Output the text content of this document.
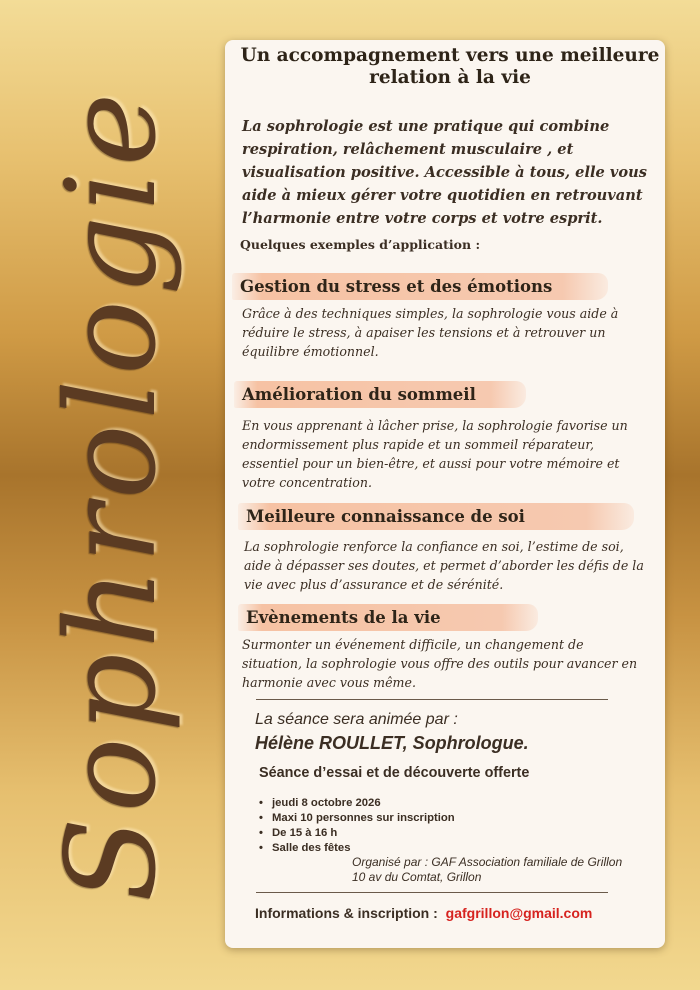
Sophrologie
Un accompagnement vers une meilleure relation à la vie
La sophrologie est une pratique qui combine respiration, relâchement musculaire , et visualisation positive. Accessible à tous, elle vous aide à mieux gérer votre quotidien en retrouvant l’harmonie entre votre corps et votre esprit.
Quelques exemples d’application :
Gestion du stress et des émotions
Grâce à des techniques simples, la sophrologie vous aide à réduire le stress, à apaiser les tensions et à retrouver un équilibre émotionnel.
Amélioration du sommeil
En vous apprenant à lâcher prise, la sophrologie favorise un endormissement plus rapide et un sommeil réparateur, essentiel pour un bien-être, et aussi pour votre mémoire et votre concentration.
Meilleure connaissance de soi
La sophrologie renforce la confiance en soi, l’estime de soi, aide à dépasser ses doutes, et permet d’aborder les défis de la vie avec plus d’assurance et de sérénité.
Evènements de la vie
Surmonter un événement difficile, un changement de situation, la sophrologie vous offre des outils pour avancer en harmonie avec vous même.
La séance sera animée par :
Hélène ROULLET, Sophrologue.
Séance d’essai et de découverte offerte
• jeudi 8 octobre 2026
• Maxi 10 personnes sur inscription
• De 15 à 16 h
• Salle des fêtes
Organisé par : GAF Association familiale de Grillon
10 av du Comtat, Grillon
Informations & inscription : gafgrillon@gmail.com
